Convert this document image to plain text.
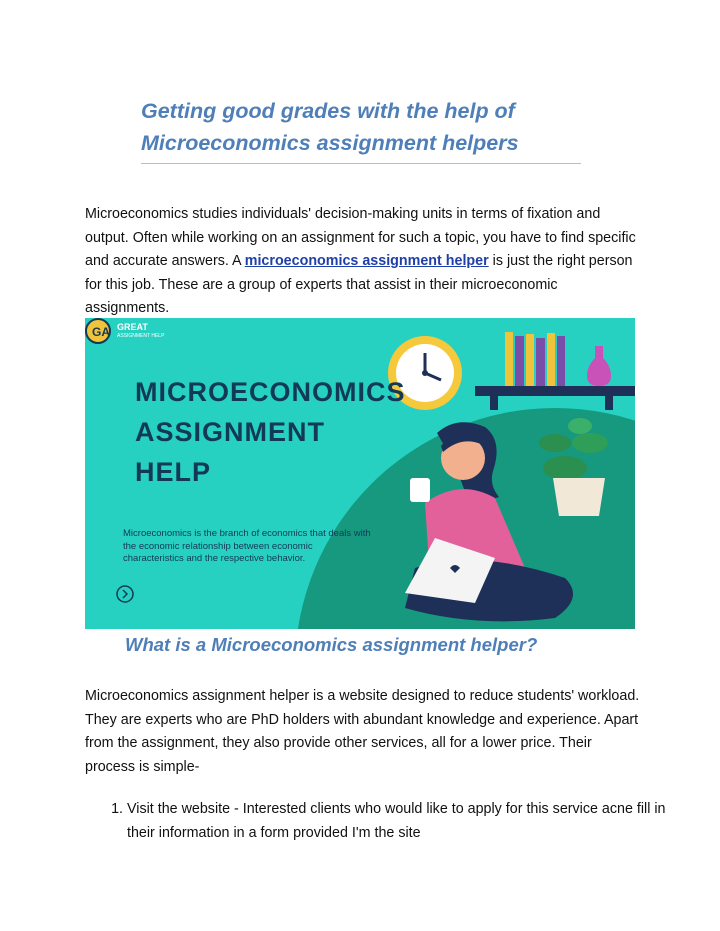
Getting good grades with the help of Microeconomics assignment helpers

Microeconomics studies individuals' decision-making units in terms of fixation and output. Often while working on an assignment for such a topic, you have to find specific and accurate answers. A microeconomics assignment helper is just the right person for this job. These are a group of experts that assist in their microeconomic assignments.

GA GREAT
ASSIGNMENT HELP
MICROECONOMICS
ASSIGNMENT
HELP
Microeconomics is the branch of economics that deals with the economic relationship between economic characteristics and the respective behavior.
What is a Microeconomics assignment helper?

Microeconomics assignment helper is a website designed to reduce students' workload. They are experts who are PhD holders with abundant knowledge and experience. Apart from the assignment, they also provide other services, all for a lower price. Their process is simple-

1. Visit the website - Interested clients who would like to apply for this service acne fill in their information in a form provided I'm the site
